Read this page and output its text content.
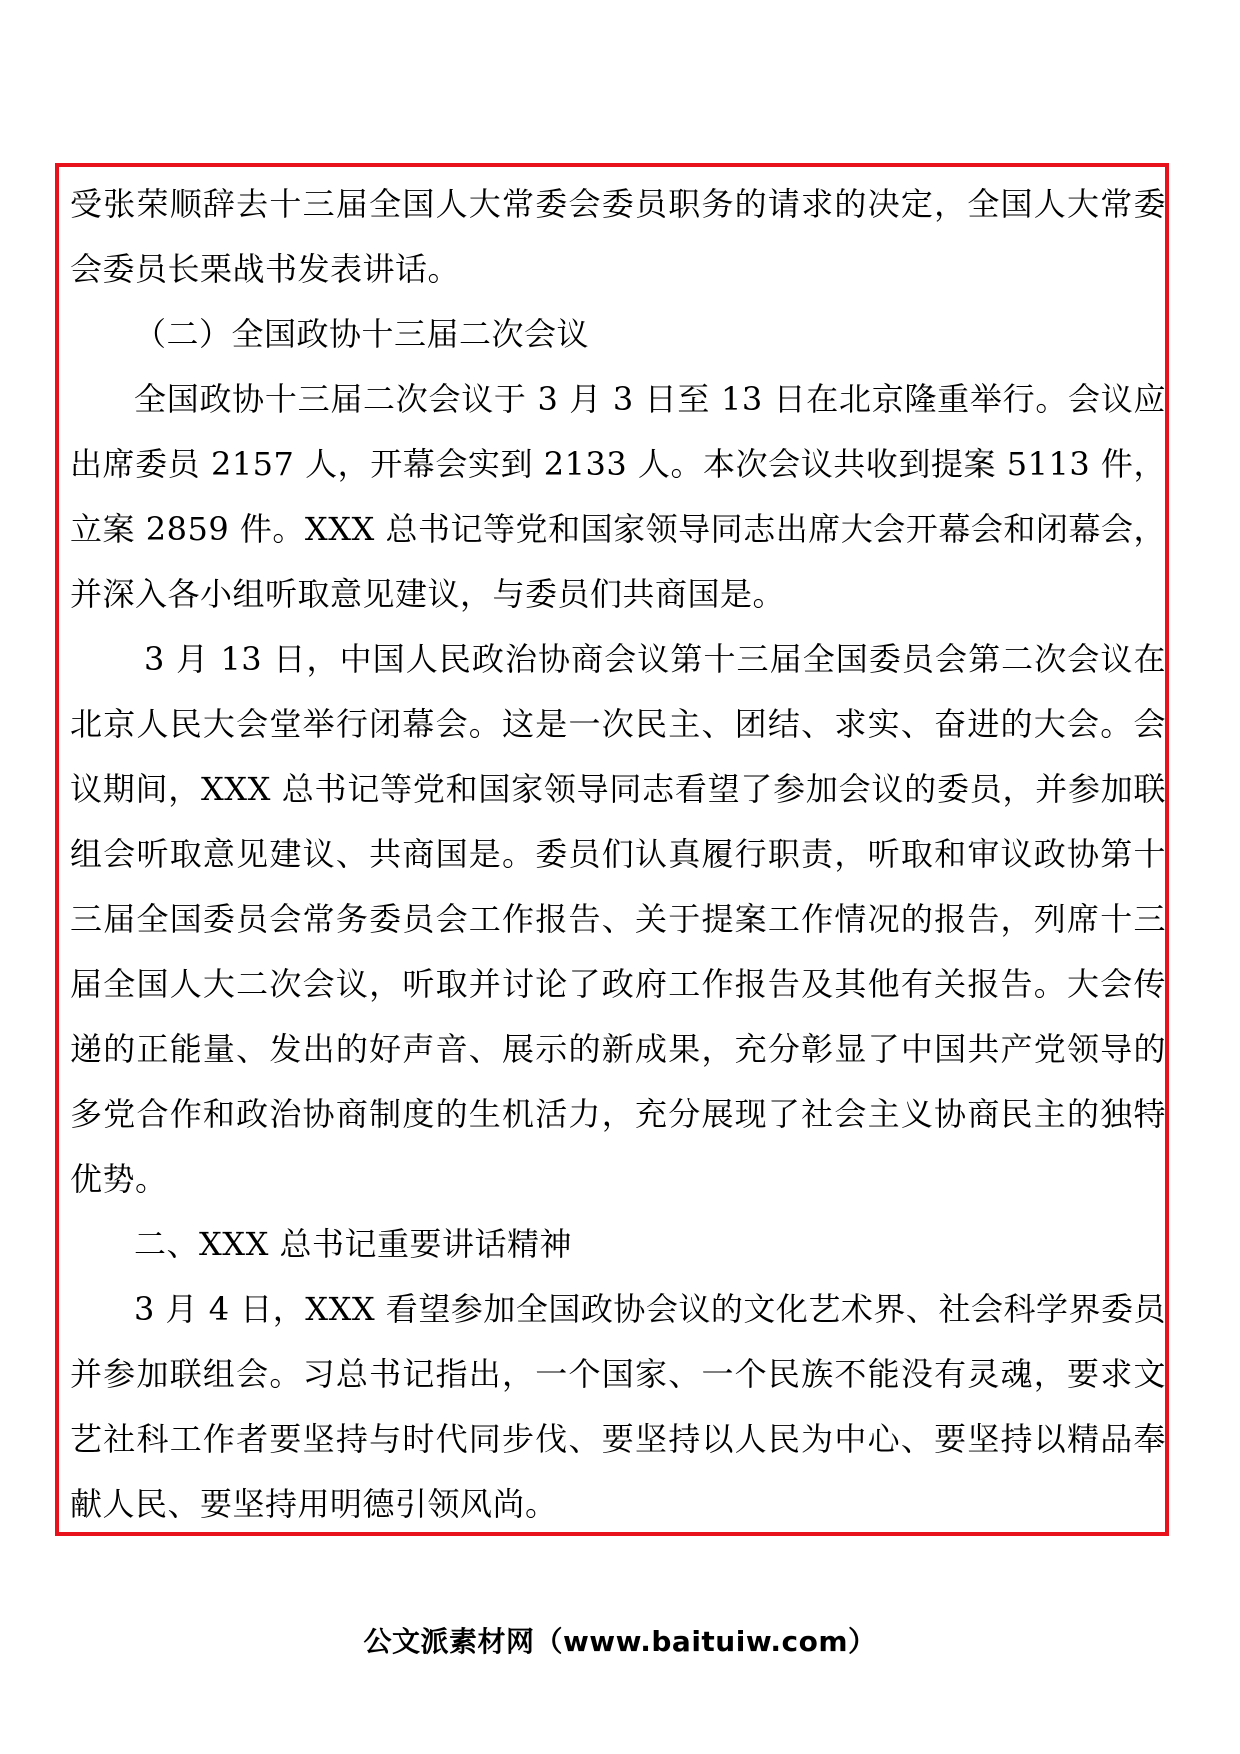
受张荣顺辞去十三届全国人大常委会委员职务的请求的决定，全国人大常委会委员长栗战书发表讲话。

（二）全国政协十三届二次会议

全国政协十三届二次会议于 3 月 3 日至 13 日在北京隆重举行。会议应出席委员 2157 人，开幕会实到 2133 人。本次会议共收到提案 5113 件，立案 2859 件。XXX 总书记等党和国家领导同志出席大会开幕会和闭幕会，并深入各小组听取意见建议，与委员们共商国是。

3 月 13 日，中国人民政治协商会议第十三届全国委员会第二次会议在北京人民大会堂举行闭幕会。这是一次民主、团结、求实、奋进的大会。会议期间，XXX 总书记等党和国家领导同志看望了参加会议的委员，并参加联组会听取意见建议、共商国是。委员们认真履行职责，听取和审议政协第十三届全国委员会常务委员会工作报告、关于提案工作情况的报告，列席十三届全国人大二次会议，听取并讨论了政府工作报告及其他有关报告。大会传递的正能量、发出的好声音、展示的新成果，充分彰显了中国共产党领导的多党合作和政治协商制度的生机活力，充分展现了社会主义协商民主的独特优势。

二、XXX 总书记重要讲话精神

3 月 4 日，XXX 看望参加全国政协会议的文化艺术界、社会科学界委员并参加联组会。习总书记指出，一个国家、一个民族不能没有灵魂，要求文艺社科工作者要坚持与时代同步伐、要坚持以人民为中心、要坚持以精品奉献人民、要坚持用明德引领风尚。

公文派素材网（www.baituiw.com）
